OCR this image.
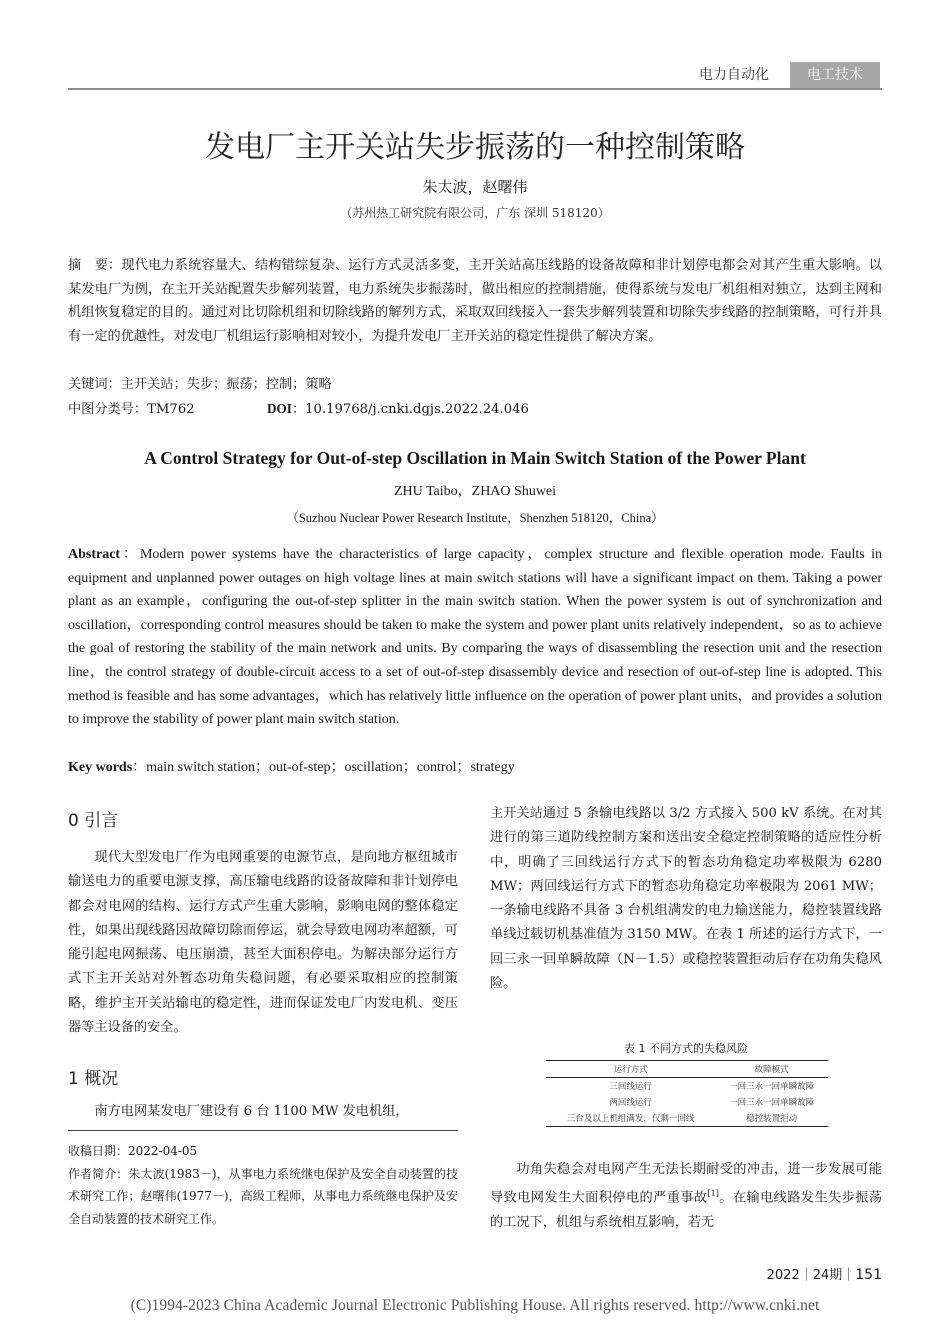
电力自动化	电工技术
发电厂主开关站失步振荡的一种控制策略
朱太波，赵曙伟
（苏州热工研究院有限公司，广东 深圳 518120）
摘　要：现代电力系统容量大、结构错综复杂、运行方式灵活多变，主开关站高压线路的设备故障和非计划停电都会对其产生重大影响。以某发电厂为例，在主开关站配置失步解列装置，电力系统失步振荡时，做出相应的控制措施，使得系统与发电厂机组相对独立，达到主网和机组恢复稳定的目的。通过对比切除机组和切除线路的解列方式，采取双回线接入一套失步解列装置和切除失步线路的控制策略，可行并具有一定的优越性，对发电厂机组运行影响相对较小，为提升发电厂主开关站的稳定性提供了解决方案。
关键词：主开关站；失步；振荡；控制；策略
中图分类号：TM762	DOI：10.19768/j.cnki.dgjs.2022.24.046
A Control Strategy for Out-of-step Oscillation in Main Switch Station of the Power Plant
ZHU Taibo，ZHAO Shuwei
（Suzhou Nuclear Power Research Institute，Shenzhen 518120，China）
Abstract：Modern power systems have the characteristics of large capacity，complex structure and flexible operation mode. Faults in equipment and unplanned power outages on high voltage lines at main switch stations will have a significant impact on them. Taking a power plant as an example，configuring the out-of-step splitter in the main switch station. When the power system is out of synchronization and oscillation，corresponding control measures should be taken to make the system and power plant units relatively independent，so as to achieve the goal of restoring the stability of the main network and units. By comparing the ways of disassembling the resection unit and the resection line，the control strategy of double-circuit access to a set of out-of-step disassembly device and resection of out-of-step line is adopted. This method is feasible and has some advantages，which has relatively little influence on the operation of power plant units，and provides a solution to improve the stability of power plant main switch station.
Key words：main switch station；out-of-step；oscillation；control；strategy
0 引言
现代大型发电厂作为电网重要的电源节点，是向地方枢纽城市输送电力的重要电源支撑，高压输电线路的设备故障和非计划停电都会对电网的结构、运行方式产生重大影响，影响电网的整体稳定性，如果出现线路因故障切除而停运，就会导致电网功率超额，可能引起电网振荡、电压崩溃，甚至大面积停电。为解决部分运行方式下主开关站对外暂态功角失稳问题，有必要采取相应的控制策略，维护主开关站输电的稳定性，进而保证发电厂内发电机、变压器等主设备的安全。
1 概况
南方电网某发电厂建设有 6 台 1100 MW 发电机组，
收稿日期：2022-04-05
作者简介：朱太波(1983－)，从事电力系统继电保护及安全自动装置的技术研究工作；赵曙伟(1977－)，高级工程师，从事电力系统继电保护及安全自动装置的技术研究工作。
主开关站通过 5 条输电线路以 3/2 方式接入 500 kV 系统。在对其进行的第三道防线控制方案和送出安全稳定控制策略的适应性分析中，明确了三回线运行方式下的暂态功角稳定功率极限为 6280 MW；两回线运行方式下的暂态功角稳定功率极限为 2061 MW；一条输电线路不具备 3 台机组满发的电力输送能力，稳控装置线路单线过载切机基准值为 3150 MW。在表 1 所述的运行方式下，一回三永一回单瞬故障（N－1.5）或稳控装置拒动后存在功角失稳风险。
表 1 不同方式的失稳风险
运行方式	故障模式
三回线运行	一回三永一回单瞬故障
两回线运行	一回三永一回单瞬故障
三台及以上机组满发，仅剩一回线	稳控装置拒动
功角失稳会对电网产生无法长期耐受的冲击，进一步发展可能导致电网发生大面积停电的严重事故[1]。在输电线路发生失步振荡的工况下，机组与系统相互影响，若无
2022｜24期｜151
(C)1994-2023 China Academic Journal Electronic Publishing House. All rights reserved. http://www.cnki.net
